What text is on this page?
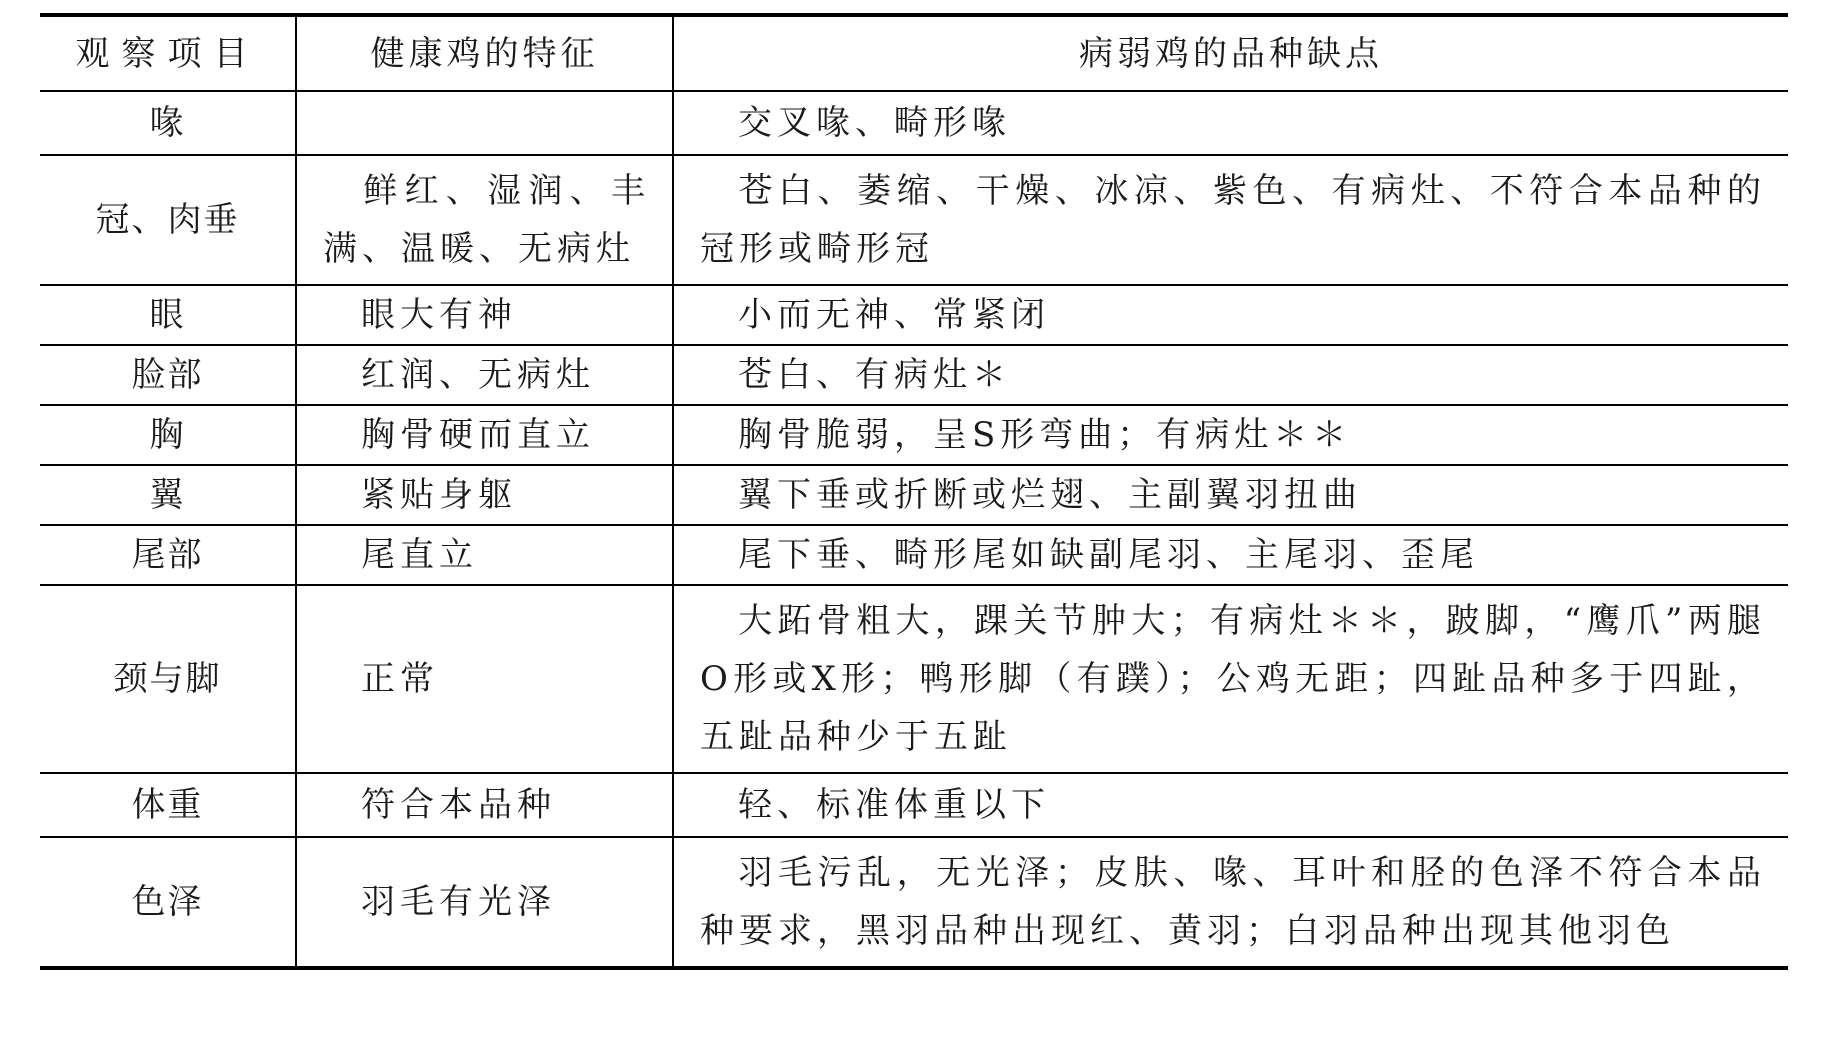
观察项目	健康鸡的特征	病弱鸡的品种缺点
喙		交叉喙、畸形喙
冠、肉垂	鲜红、湿润、丰满、温暖、无病灶	苍白、萎缩、干燥、冰凉、紫色、有病灶、不符合本品种的冠形或畸形冠
眼	眼大有神	小而无神、常紧闭
脸部	红润、无病灶	苍白、有病灶＊
胸	胸骨硬而直立	胸骨脆弱，呈S形弯曲；有病灶＊＊
翼	紧贴身躯	翼下垂或折断或烂翅、主副翼羽扭曲
尾部	尾直立	尾下垂、畸形尾如缺副尾羽、主尾羽、歪尾
颈与脚	正常	大跖骨粗大，踝关节肿大；有病灶＊＊，跛脚，“鹰爪”两腿O形或X形；鸭形脚（有蹼）；公鸡无距；四趾品种多于四趾，五趾品种少于五趾
体重	符合本品种	轻、标准体重以下
色泽	羽毛有光泽	羽毛污乱，无光泽；皮肤、喙、耳叶和胫的色泽不符合本品种要求，黑羽品种出现红、黄羽；白羽品种出现其他羽色
